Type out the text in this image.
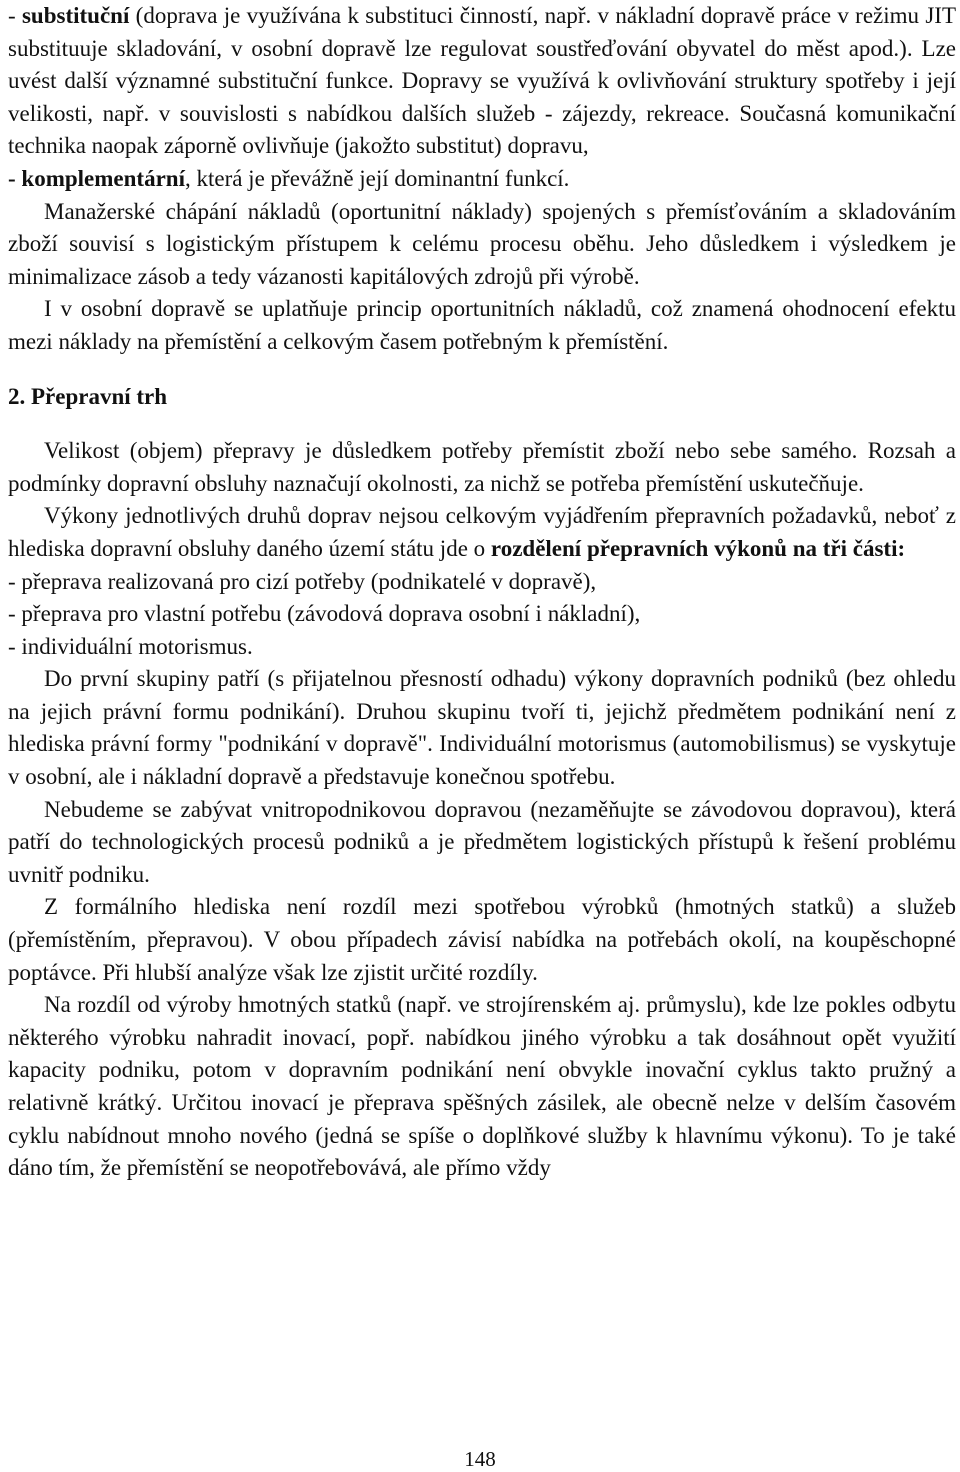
- substituční (doprava je využívána k substituci činností, např. v nákladní dopravě práce v režimu JIT substituuje skladování, v osobní dopravě lze regulovat soustřeďování obyvatel do měst apod.). Lze uvést další významné substituční funkce. Dopravy se využívá k ovlivňování struktury spotřeby i její velikosti, např. v souvislosti s nabídkou dalších služeb - zájezdy, rekreace. Současná komunikační technika naopak záporně ovlivňuje (jakožto substitut) dopravu,

- komplementární, která je převážně její dominantní funkcí.

Manažerské chápání nákladů (oportunitní náklady) spojených s přemísťováním a skladováním zboží souvisí s logistickým přístupem k celému procesu oběhu. Jeho důsledkem i výsledkem je minimalizace zásob a tedy vázanosti kapitálových zdrojů při výrobě.

I v osobní dopravě se uplatňuje princip oportunitních nákladů, což znamená ohodnocení efektu mezi náklady na přemístění a celkovým časem potřebným k přemístění.

2. Přepravní trh

Velikost (objem) přepravy je důsledkem potřeby přemístit zboží nebo sebe samého. Rozsah a podmínky dopravní obsluhy naznačují okolnosti, za nichž se potřeba přemístění uskutečňuje.

Výkony jednotlivých druhů doprav nejsou celkovým vyjádřením přepravních požadavků, neboť z hlediska dopravní obsluhy daného území státu jde o rozdělení přepravních výkonů na tři části:

- přeprava realizovaná pro cizí potřeby (podnikatelé v dopravě),

- přeprava pro vlastní potřebu (závodová doprava osobní i nákladní),

- individuální motorismus.

Do první skupiny patří (s přijatelnou přesností odhadu) výkony dopravních podniků (bez ohledu na jejich právní formu podnikání). Druhou skupinu tvoří ti, jejichž předmětem podnikání není z hlediska právní formy "podnikání v dopravě". Individuální motorismus (automobilismus) se vyskytuje v osobní, ale i nákladní dopravě a představuje konečnou spotřebu.

Nebudeme se zabývat vnitropodnikovou dopravou (nezaměňujte se závodovou dopravou), která patří do technologických procesů podniků a je předmětem logistických přístupů k řešení problému uvnitř podniku.

Z formálního hlediska není rozdíl mezi spotřebou výrobků (hmotných statků) a služeb (přemístěním, přepravou). V obou případech závisí nabídka na potřebách okolí, na koupěschopné poptávce. Při hlubší analýze však lze zjistit určité rozdíly.

Na rozdíl od výroby hmotných statků (např. ve strojírenském aj. průmyslu), kde lze pokles odbytu některého výrobku nahradit inovací, popř. nabídkou jiného výrobku a tak dosáhnout opět využití kapacity podniku, potom v dopravním podnikání není obvykle inovační cyklus takto pružný a relativně krátký. Určitou inovací je přeprava spěšných zásilek, ale obecně nelze v delším časovém cyklu nabídnout mnoho nového (jedná se spíše o doplňkové služby k hlavnímu výkonu). To je také dáno tím, že přemístění se neopotřebovává, ale přímo vždy

148
